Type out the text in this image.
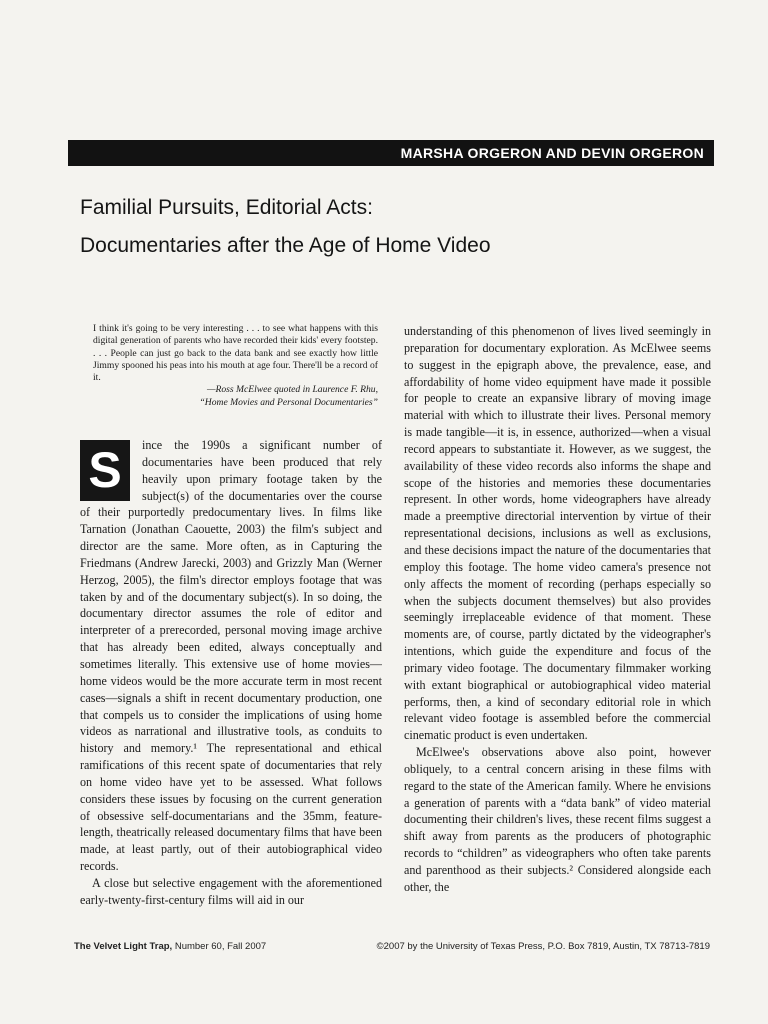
MARSHA ORGERON AND DEVIN ORGERON
Familial Pursuits, Editorial Acts:
Documentaries after the Age of Home Video
I think it's going to be very interesting . . . to see what happens with this digital generation of parents who have recorded their kids' every footstep. . . . People can just go back to the data bank and see exactly how little Jimmy spooned his peas into his mouth at age four. There'll be a record of it.
—Ross McElwee quoted in Laurence F. Rhu,
“Home Movies and Personal Documentaries”
S	ince the 1990s a significant number of documentaries have been produced that rely heavily upon primary footage taken by the subject(s) of the documentaries over the course of their purportedly predocumentary lives. In films like Tarnation (Jonathan Caouette, 2003) the film's subject and director are the same. More often, as in Capturing the Friedmans (Andrew Jarecki, 2003) and Grizzly Man (Werner Herzog, 2005), the film's director employs footage that was taken by and of the documentary subject(s). In so doing, the documentary director assumes the role of editor and interpreter of a prerecorded, personal moving image archive that has already been edited, always conceptually and sometimes literally. This extensive use of home movies—home videos would be the more accurate term in most recent cases—signals a shift in recent documentary production, one that compels us to consider the implications of using home videos as narrational and illustrative tools, as conduits to history and memory.¹ The representational and ethical ramifications of this recent spate of documentaries that rely on home video have yet to be assessed. What follows considers these issues by focusing on the current generation of obsessive self-documentarians and the 35mm, feature-length, theatrically released documentary films that have been made, at least partly, out of their autobiographical video records.

A close but selective engagement with the aforementioned early-twenty-first-century films will aid in our

understanding of this phenomenon of lives lived seemingly in preparation for documentary exploration. As McElwee seems to suggest in the epigraph above, the prevalence, ease, and affordability of home video equipment have made it possible for people to create an expansive library of moving image material with which to illustrate their lives. Personal memory is made tangible—it is, in essence, authorized—when a visual record appears to substantiate it. However, as we suggest, the availability of these video records also informs the shape and scope of the histories and memories these documentaries represent. In other words, home videographers have already made a preemptive directorial intervention by virtue of their representational decisions, inclusions as well as exclusions, and these decisions impact the nature of the documentaries that employ this footage. The home video camera's presence not only affects the moment of recording (perhaps especially so when the subjects document themselves) but also provides seemingly irreplaceable evidence of that moment. These moments are, of course, partly dictated by the videographer's intentions, which guide the expenditure and focus of the primary video footage. The documentary filmmaker working with extant biographical or autobiographical video material performs, then, a kind of secondary editorial role in which relevant video footage is assembled before the commercial cinematic product is even undertaken.

McElwee's observations above also point, however obliquely, to a central concern arising in these films with regard to the state of the American family. Where he envisions a generation of parents with a “data bank” of video material documenting their children's lives, these recent films suggest a shift away from parents as the producers of photographic records to “children” as videographers who often take parents and parenthood as their subjects.² Considered alongside each other, the

The Velvet Light Trap, Number 60, Fall 2007	©2007 by the University of Texas Press, P.O. Box 7819, Austin, TX 78713-7819
